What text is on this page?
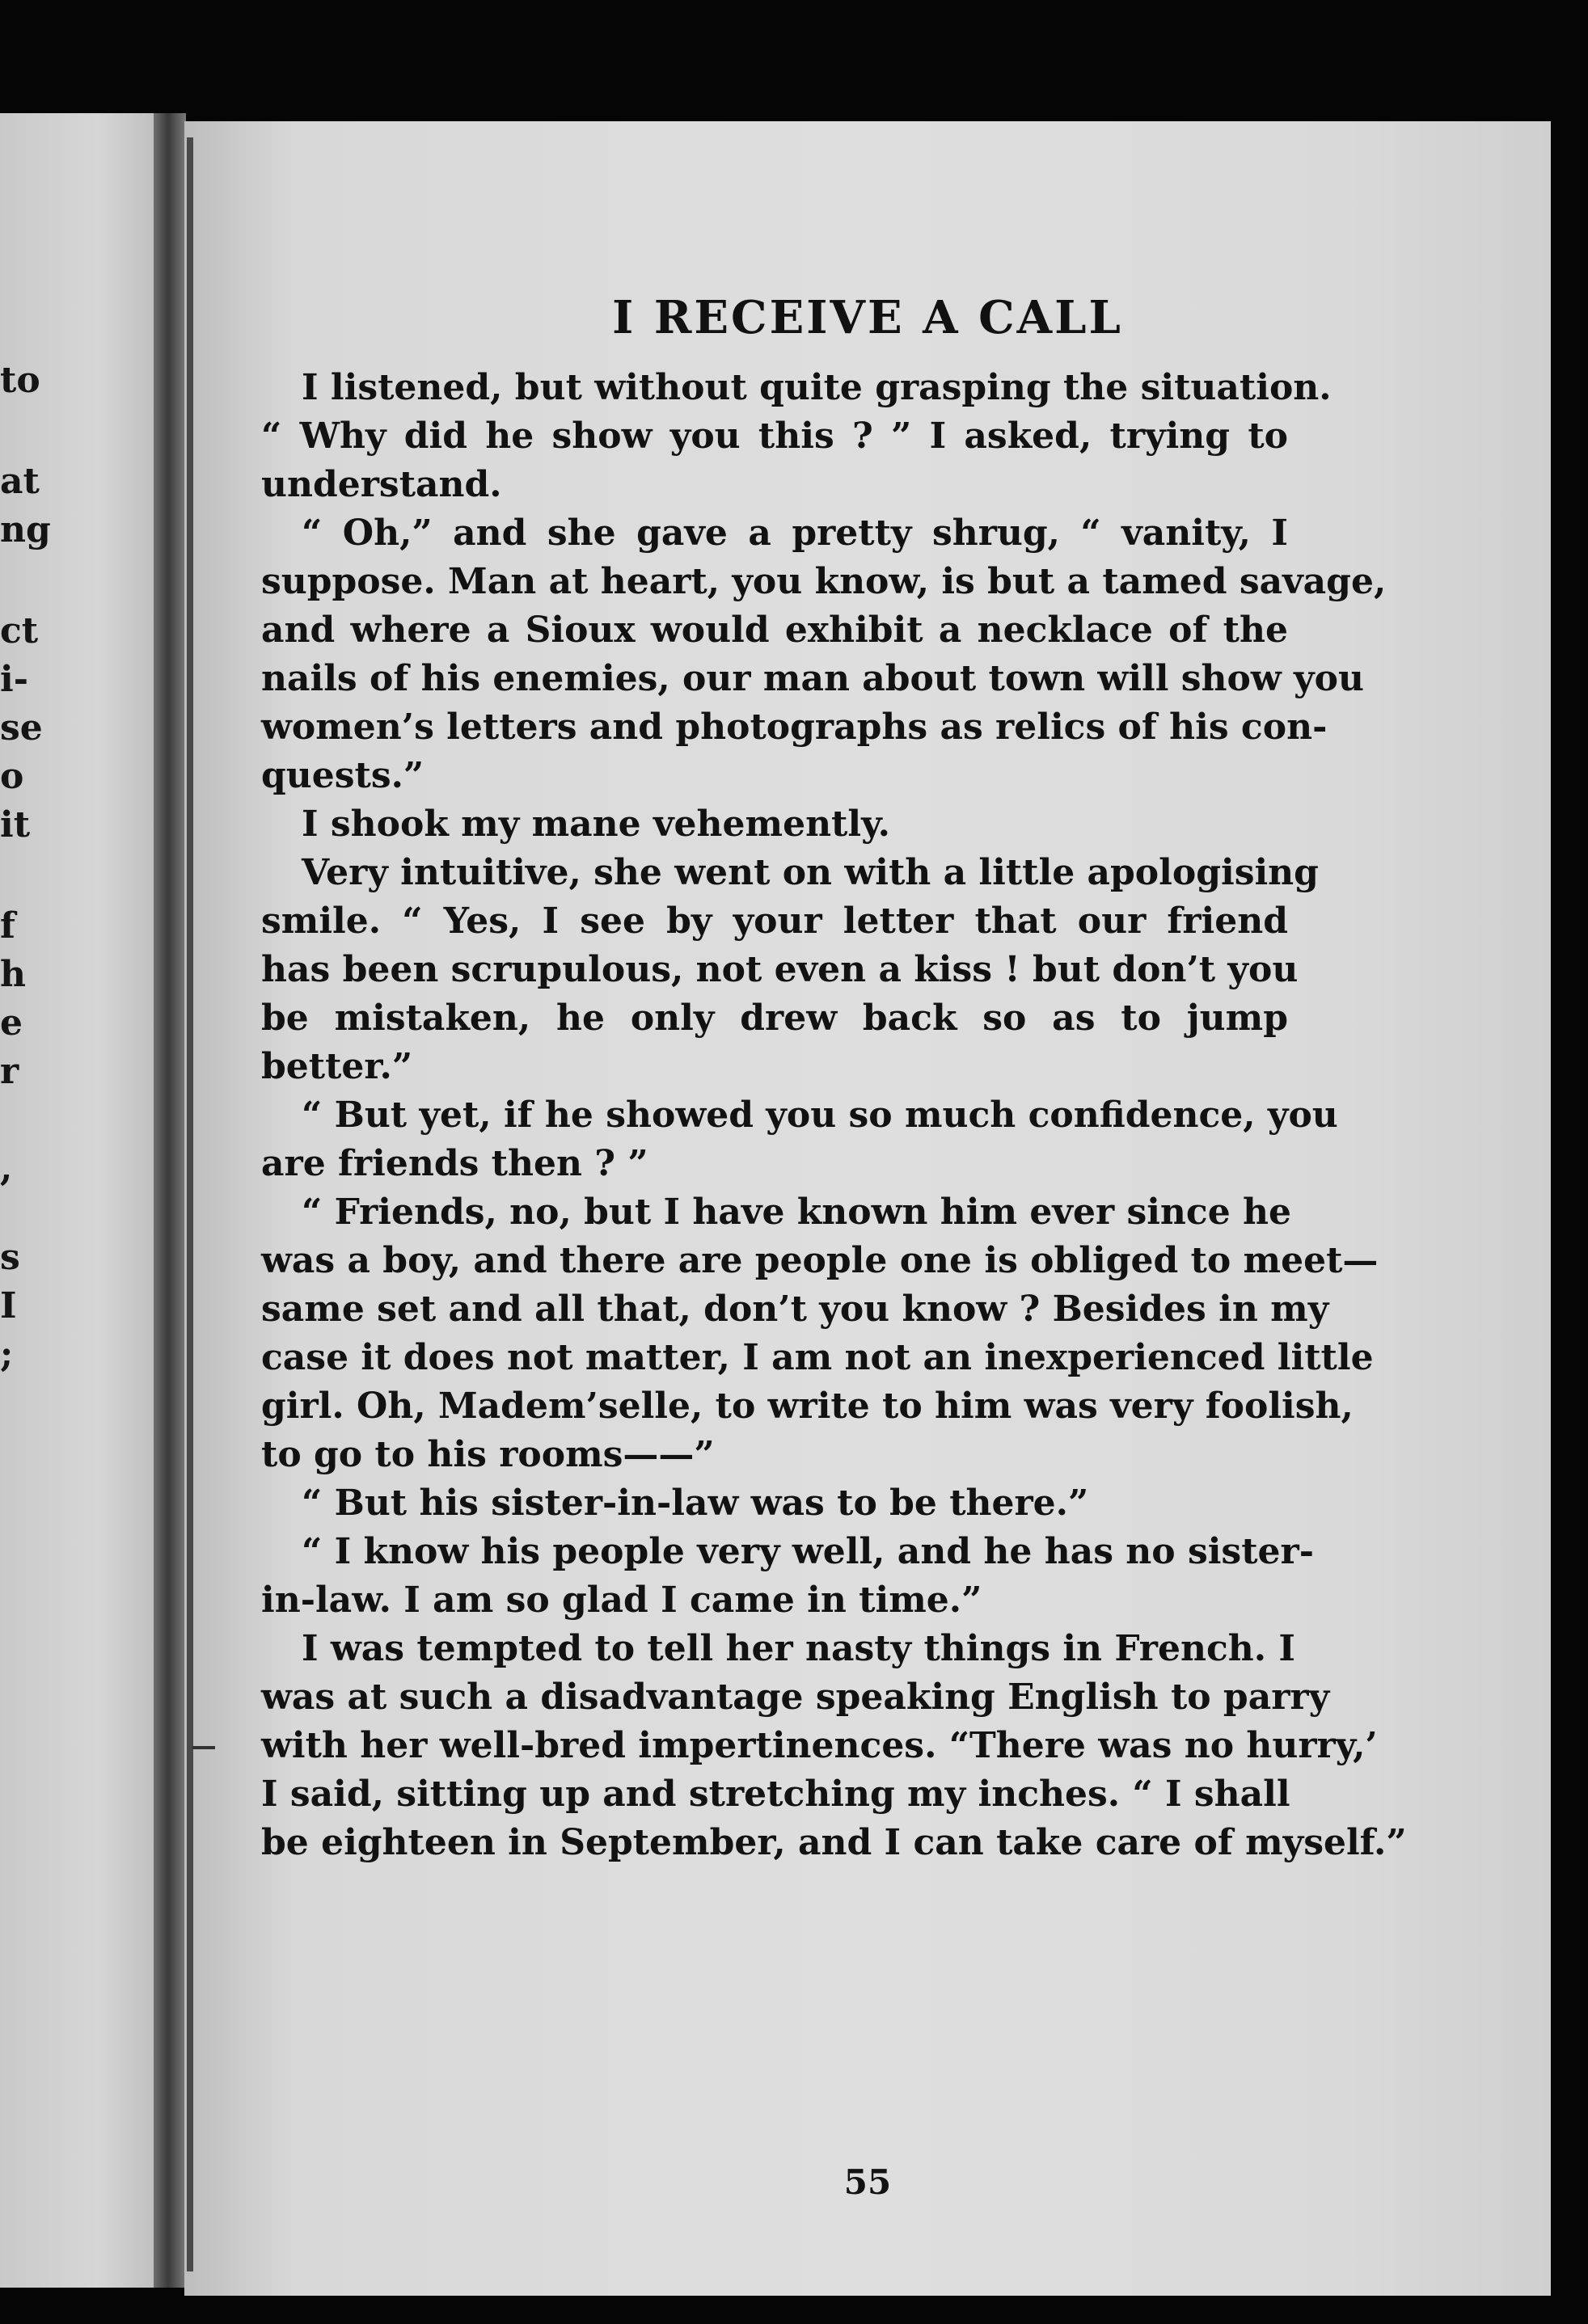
to
at
ng
ct
i-
se
o
it
f
h
e
r
,
s
I
;
I RECEIVE A CALL
I listened, but without quite grasping the situation.
“ Why did he show you this ? ” I asked, trying to
understand.
“ Oh,” and she gave a pretty shrug, “ vanity, I
suppose. Man at heart, you know, is but a tamed savage,
and where a Sioux would exhibit a necklace of the
nails of his enemies, our man about town will show you
women’s letters and photographs as relics of his con-
quests.”
I shook my mane vehemently.
Very intuitive, she went on with a little apologising
smile. “ Yes, I see by your letter that our friend
has been scrupulous, not even a kiss ! but don’t you
be mistaken, he only drew back so as to jump
better.”
“ But yet, if he showed you so much confidence, you
are friends then ? ”
“ Friends, no, but I have known him ever since he
was a boy, and there are people one is obliged to meet—
same set and all that, don’t you know ? Besides in my
case it does not matter, I am not an inexperienced little
girl. Oh, Madem’selle, to write to him was very foolish,
to go to his rooms——”
“ But his sister-in-law was to be there.”
“ I know his people very well, and he has no sister-
in-law. I am so glad I came in time.”
I was tempted to tell her nasty things in French. I
was at such a disadvantage speaking English to parry
with her well-bred impertinences. “There was no hurry,’
I said, sitting up and stretching my inches. “ I shall
be eighteen in September, and I can take care of myself.”
55
